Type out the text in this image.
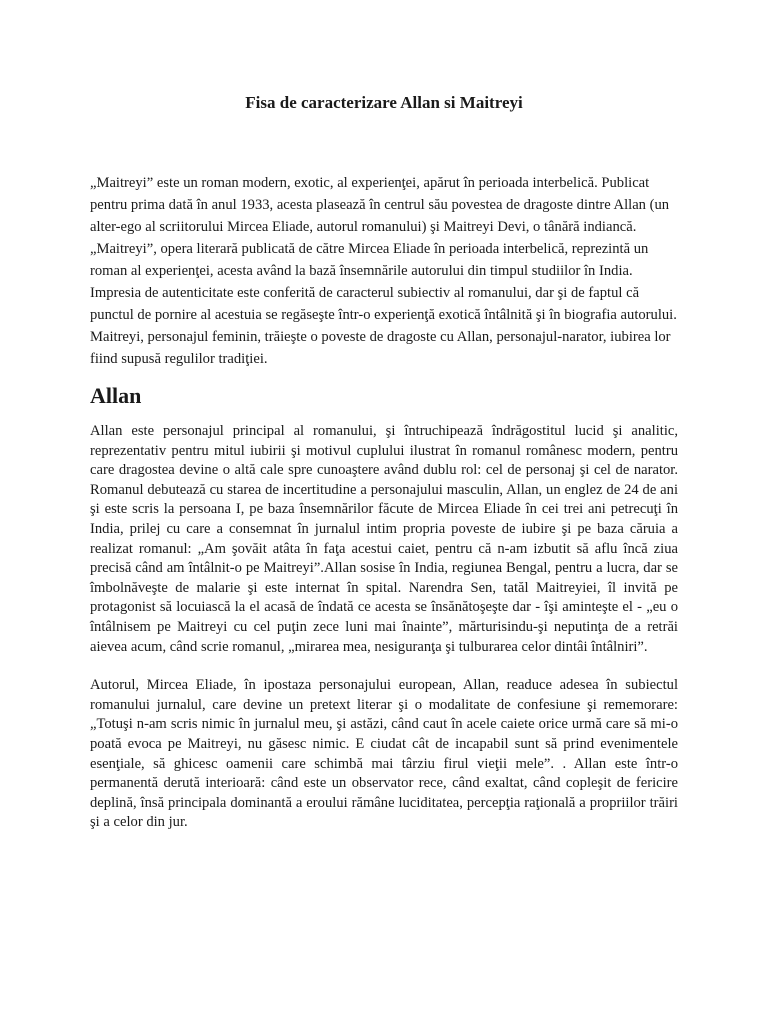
Fisa de caracterizare Allan si Maitreyi

„Maitreyi” este un roman modern, exotic, al experienţei, apărut în perioada interbelică. Publicat pentru prima dată în anul 1933, acesta plasează în centrul său povestea de dragoste dintre Allan (un alter-ego al scriitorului Mircea Eliade, autorul romanului) şi Maitreyi Devi, o tânără indiancă. „Maitreyi”, opera literară publicată de către Mircea Eliade în perioada interbelică, reprezintă un roman al experienţei, acesta având la bază însemnările autorului din timpul studiilor în India. Impresia de autenticitate este conferită de caracterul subiectiv al romanului, dar şi de faptul că punctul de pornire al acestuia se regăseşte într-o experienţă exotică întâlnită şi în biografia autorului. Maitreyi, personajul feminin, trăieşte o poveste de dragoste cu Allan, personajul-narator, iubirea lor fiind supusă regulilor tradiţiei.

Allan

Allan este personajul principal al romanului, şi întruchipează îndrăgostitul lucid şi analitic, reprezentativ pentru mitul iubirii şi motivul cuplului ilustrat în romanul românesc modern, pentru care dragostea devine o altă cale spre cunoaştere având dublu rol: cel de personaj şi cel de narator. Romanul debutează cu starea de incertitudine a personajului masculin, Allan, un englez de 24 de ani şi este scris la persoana I, pe baza însemnărilor făcute de Mircea Eliade în cei trei ani petrecuţi în India, prilej cu care a consemnat în jurnalul intim propria poveste de iubire şi pe baza căruia a realizat romanul: „Am şovăit atâta în faţa acestui caiet, pentru că n-am izbutit să aflu încă ziua precisă când am întâlnit-o pe Maitreyi”.Allan sosise în India, regiunea Bengal, pentru a lucra, dar se îmbolnăveşte de malarie şi este internat în spital. Narendra Sen, tatăl Maitreyiei, îl invită pe protagonist să locuiască la el acasă de îndată ce acesta se însănătoşeşte dar - îşi aminteşte el - „eu o întâlnisem pe Maitreyi cu cel puţin zece luni mai înainte”, mărturisindu-şi neputinţa de a retrăi aievea acum, când scrie romanul, „mirarea mea, nesiguranţa şi tulburarea celor dintâi întâlniri”.

Autorul, Mircea Eliade, în ipostaza personajului european, Allan, readuce adesea în subiectul romanului jurnalul, care devine un pretext literar şi o modalitate de confesiune şi rememorare: „Totuşi n-am scris nimic în jurnalul meu, şi astăzi, când caut în acele caiete orice urmă care să mi-o poată evoca pe Maitreyi, nu găsesc nimic. E ciudat cât de incapabil sunt să prind evenimentele esenţiale, să ghicesc oamenii care schimbă mai târziu firul vieţii mele”. . Allan este într-o permanentă derută interioară: când este un observator rece, când exaltat, când copleşit de fericire deplină, însă principala dominantă a eroului rămâne luciditatea, percepţia raţională a propriilor trăiri şi a celor din jur.
